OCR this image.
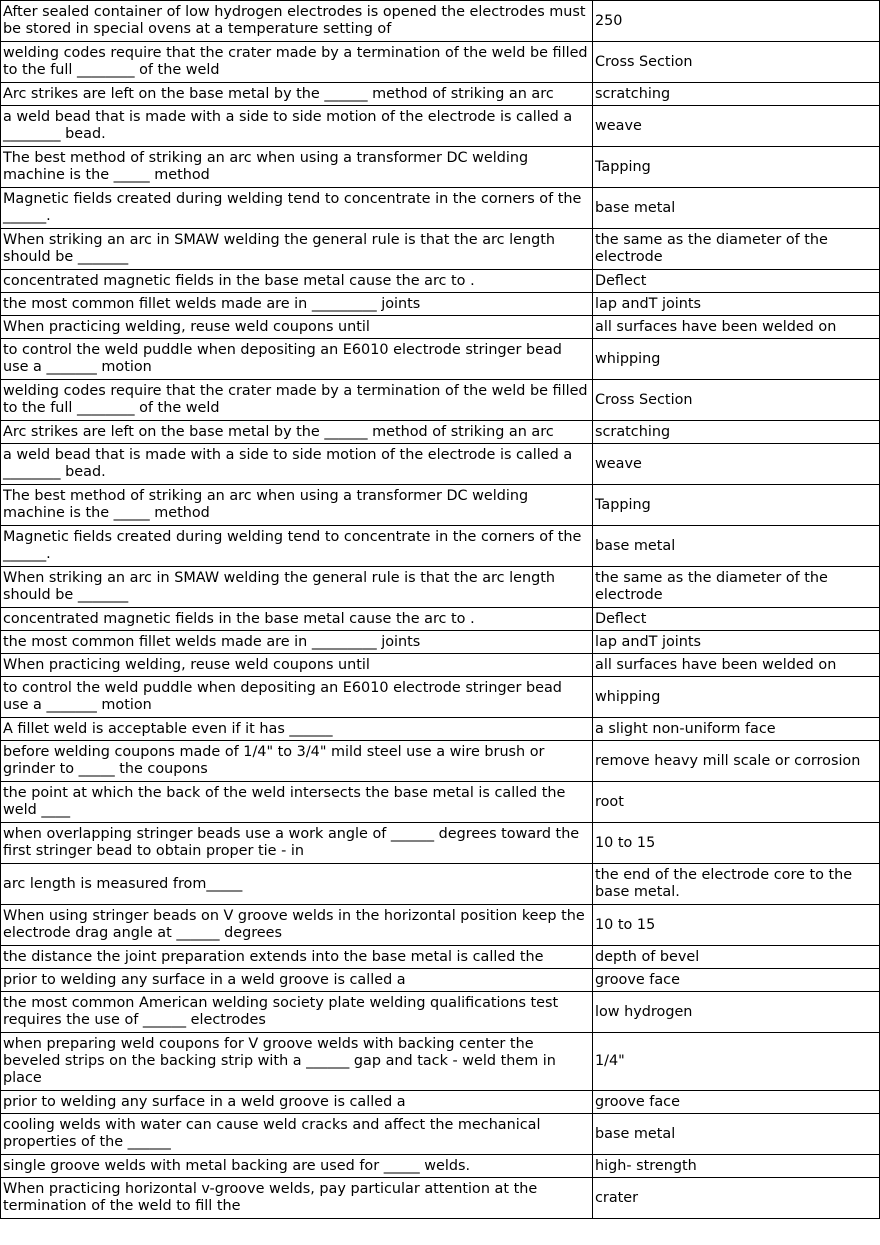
After sealed container of low hydrogen electrodes is opened the electrodes must be stored in special ovens at a temperature setting of	250
welding codes require that the crater made by a termination of the weld be filled to the full ________ of the weld	Cross Section
Arc strikes are left on the base metal by the ______ method of striking an arc	scratching
a weld bead that is made with a side to side motion of the electrode is called a ________ bead.	weave
The best method of striking an arc when using a transformer DC welding machine is the _____ method	Tapping
Magnetic fields created during welding tend to concentrate in the corners of the ______.	base metal
When striking an arc in SMAW welding the general rule is that the arc length should be _______	the same as the diameter of the electrode
concentrated magnetic fields in the base metal cause the arc to .	Deflect
the most common fillet welds made are in _________ joints	lap andT joints
When practicing welding, reuse weld coupons until	all surfaces have been welded on
to control the weld puddle when depositing an E6010 electrode stringer bead use a _______ motion	whipping
welding codes require that the crater made by a termination of the weld be filled to the full ________ of the weld	Cross Section
Arc strikes are left on the base metal by the ______ method of striking an arc	scratching
a weld bead that is made with a side to side motion of the electrode is called a ________ bead.	weave
The best method of striking an arc when using a transformer DC welding machine is the _____ method	Tapping
Magnetic fields created during welding tend to concentrate in the corners of the ______.	base metal
When striking an arc in SMAW welding the general rule is that the arc length should be _______	the same as the diameter of the electrode
concentrated magnetic fields in the base metal cause the arc to .	Deflect
the most common fillet welds made are in _________ joints	lap andT joints
When practicing welding, reuse weld coupons until	all surfaces have been welded on
to control the weld puddle when depositing an E6010 electrode stringer bead use a _______ motion	whipping
A fillet weld is acceptable even if it has ______	a slight non-uniform face
before welding coupons made of 1/4" to 3/4" mild steel use a wire brush or grinder to _____ the coupons	remove heavy mill scale or corrosion
the point at which the back of the weld intersects the base metal is called the weld ____	root
when overlapping stringer beads use a work angle of ______ degrees toward the first stringer bead to obtain proper tie - in	10 to 15
arc length is measured from_____	the end of the electrode core to the base metal.
When using stringer beads on V groove welds in the horizontal position keep the electrode drag angle at ______ degrees	10 to 15
the distance the joint preparation extends into the base metal is called the	depth of bevel
prior to welding any surface in a weld groove is called a	groove face
the most common American welding society plate welding qualifications test requires the use of ______ electrodes	low hydrogen
when preparing weld coupons for V groove welds with backing center the beveled strips on the backing strip with a ______ gap and tack - weld them in place	1/4"
prior to welding any surface in a weld groove is called a	groove face
cooling welds with water can cause weld cracks and affect the mechanical properties of the ______	base metal
single groove welds with metal backing are used for _____ welds.	high- strength
When practicing horizontal v-groove welds, pay particular attention at the termination of the weld to fill the	crater
